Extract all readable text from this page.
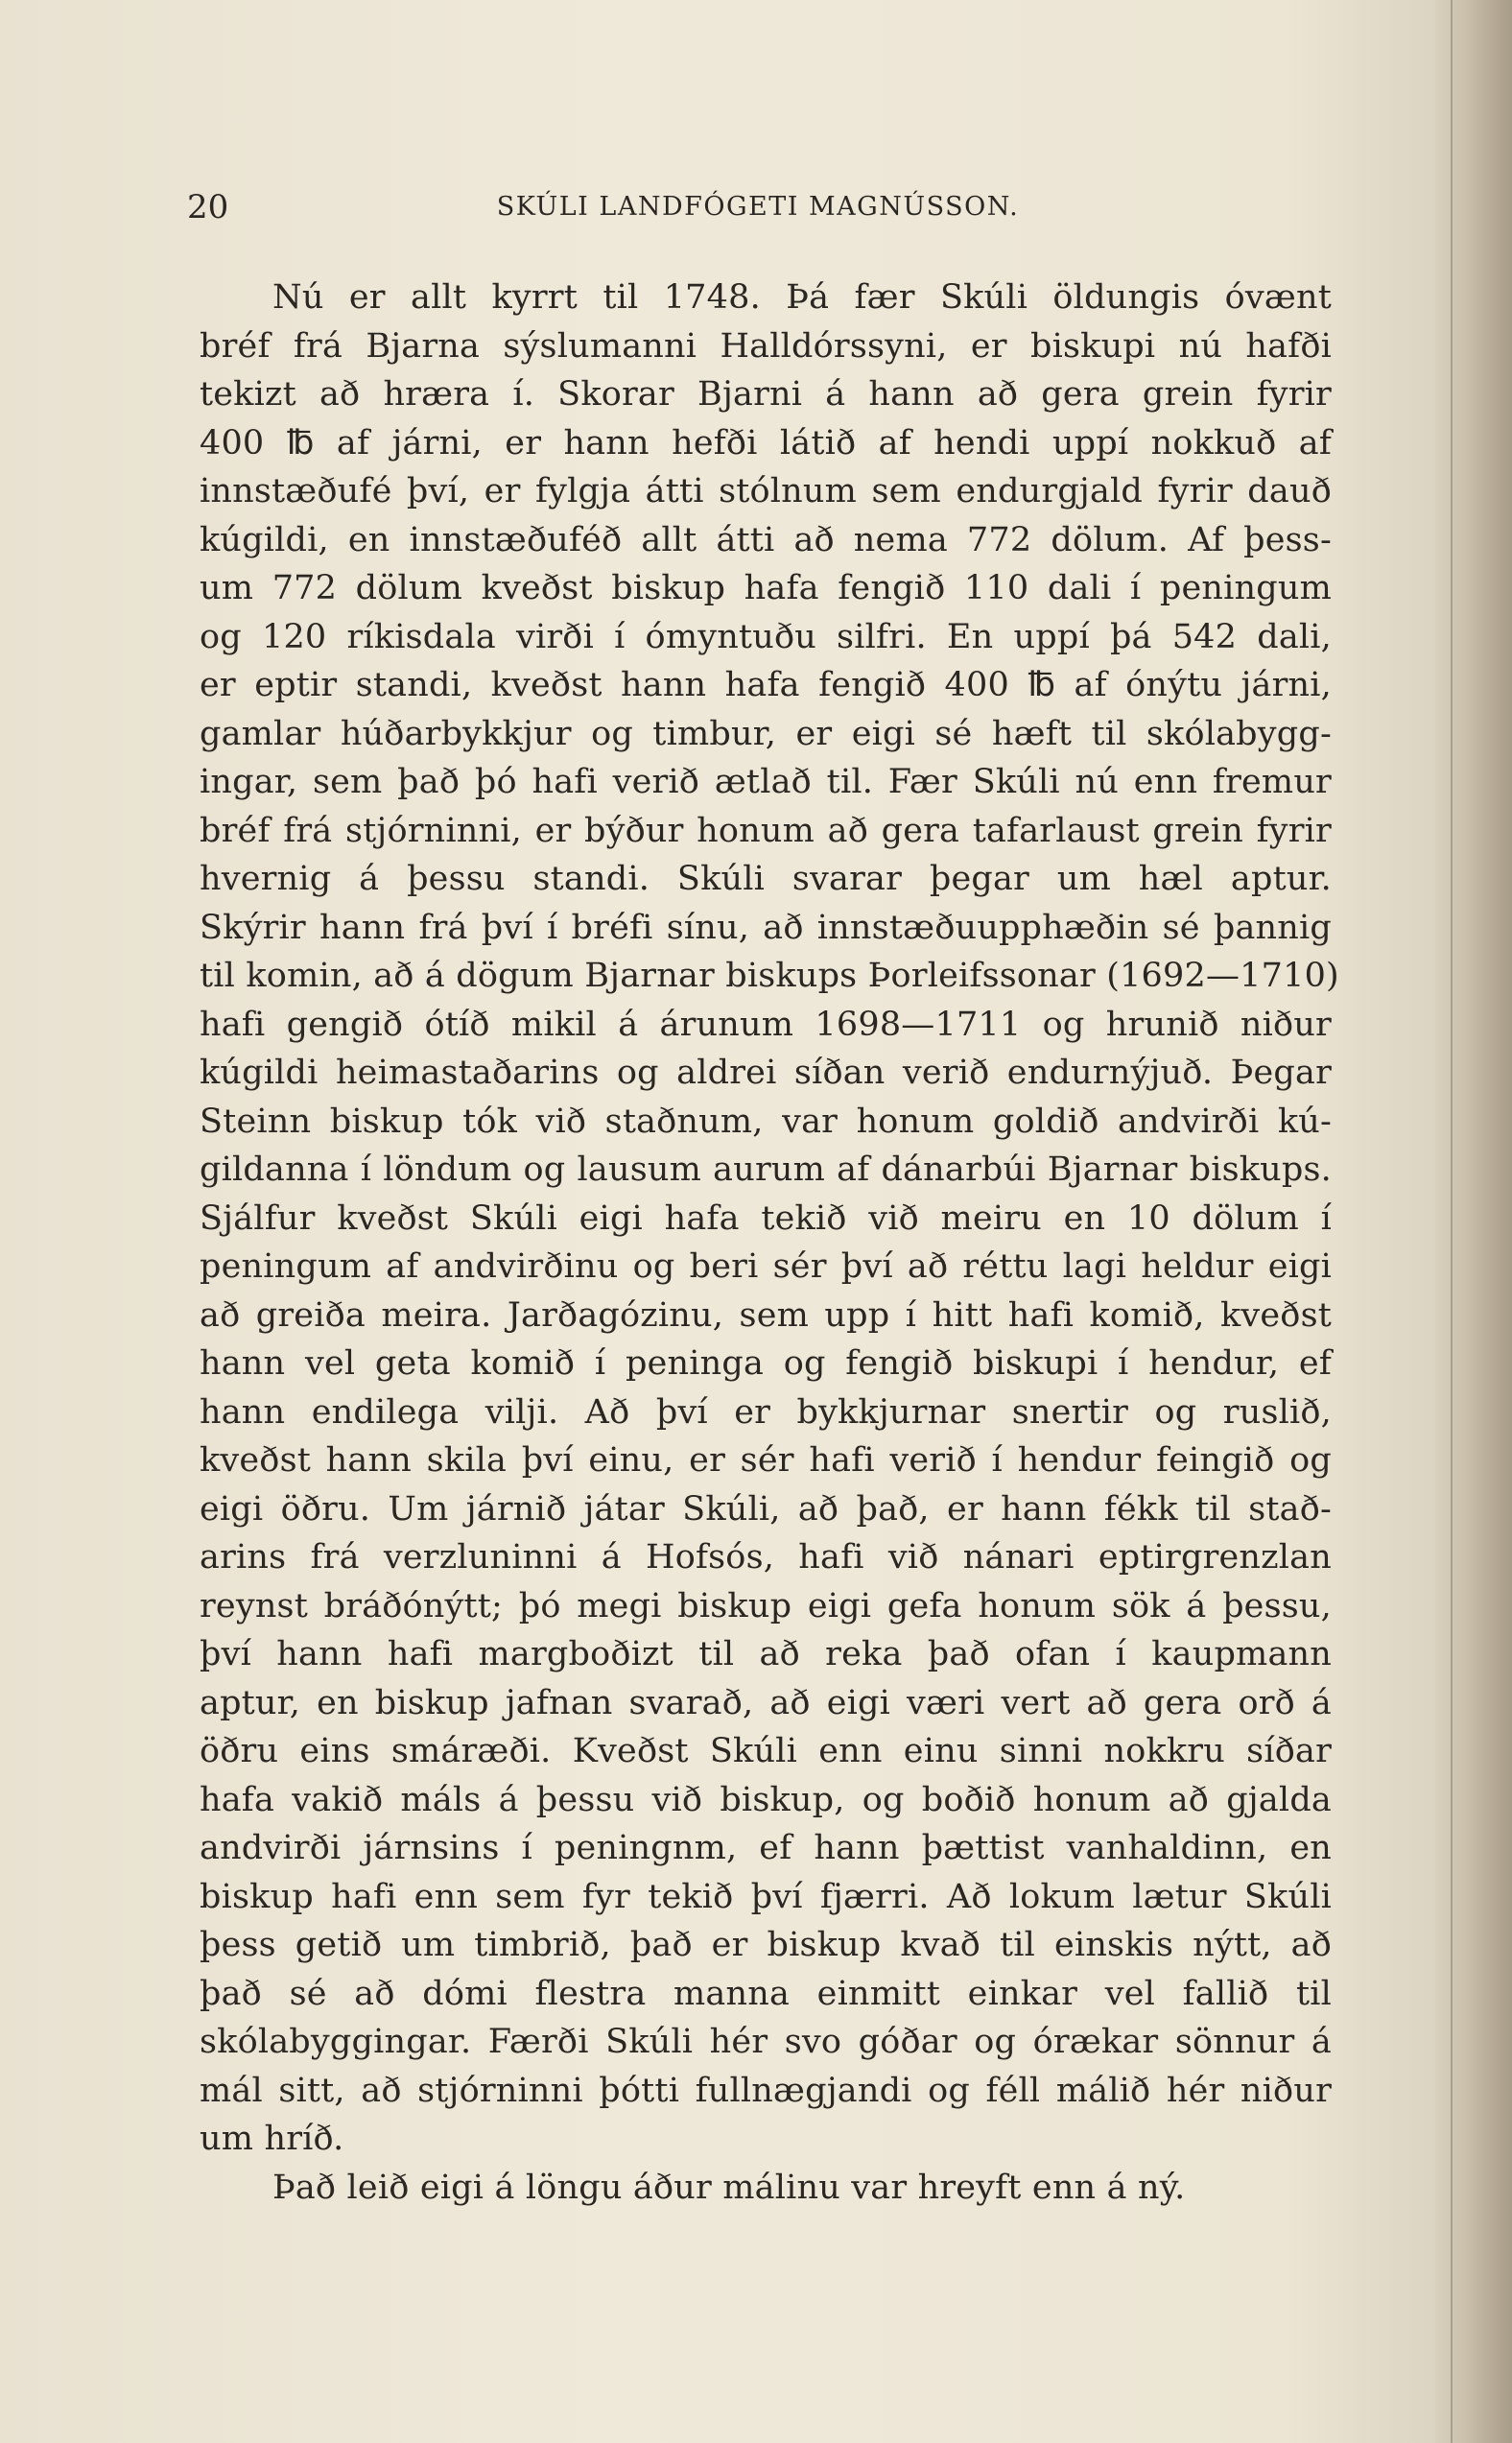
20	SKÚLI LANDFÓGETI MAGNÚSSON.
Nú er allt kyrrt til 1748. Þá fær Skúli öldungis óvænt
bréf frá Bjarna sýslumanni Halldórssyni, er biskupi nú hafði
tekizt að hræra í. Skorar Bjarni á hann að gera grein fyrir
400 ℔ af járni, er hann hefði látið af hendi uppí nokkuð af
innstæðufé því, er fylgja átti stólnum sem endurgjald fyrir dauð
kúgildi, en innstæðuféð allt átti að nema 772 dölum. Af þess-
um 772 dölum kveðst biskup hafa fengið 110 dali í peningum
og 120 ríkisdala virði í ómyntuðu silfri. En uppí þá 542 dali,
er eptir standi, kveðst hann hafa fengið 400 ℔ af ónýtu járni,
gamlar húðarbykkjur og timbur, er eigi sé hæft til skólabygg-
ingar, sem það þó hafi verið ætlað til. Fær Skúli nú enn fremur
bréf frá stjórninni, er býður honum að gera tafarlaust grein fyrir
hvernig á þessu standi. Skúli svarar þegar um hæl aptur.
Skýrir hann frá því í bréfi sínu, að innstæðuupphæðin sé þannig
til komin, að á dögum Bjarnar biskups Þorleifssonar (1692—1710)
hafi gengið ótíð mikil á árunum 1698—1711 og hrunið niður
kúgildi heimastaðarins og aldrei síðan verið endurnýjuð. Þegar
Steinn biskup tók við staðnum, var honum goldið andvirði kú-
gildanna í löndum og lausum aurum af dánarbúi Bjarnar biskups.
Sjálfur kveðst Skúli eigi hafa tekið við meiru en 10 dölum í
peningum af andvirðinu og beri sér því að réttu lagi heldur eigi
að greiða meira. Jarðagózinu, sem upp í hitt hafi komið, kveðst
hann vel geta komið í peninga og fengið biskupi í hendur, ef
hann endilega vilji. Að því er bykkjurnar snertir og ruslið,
kveðst hann skila því einu, er sér hafi verið í hendur feingið og
eigi öðru. Um járnið játar Skúli, að það, er hann fékk til stað-
arins frá verzluninni á Hofsós, hafi við nánari eptirgrenzlan
reynst bráðónýtt; þó megi biskup eigi gefa honum sök á þessu,
því hann hafi margboðizt til að reka það ofan í kaupmann
aptur, en biskup jafnan svarað, að eigi væri vert að gera orð á
öðru eins smáræði. Kveðst Skúli enn einu sinni nokkru síðar
hafa vakið máls á þessu við biskup, og boðið honum að gjalda
andvirði járnsins í peningnm, ef hann þættist vanhaldinn, en
biskup hafi enn sem fyr tekið því fjærri. Að lokum lætur Skúli
þess getið um timbrið, það er biskup kvað til einskis nýtt, að
það sé að dómi flestra manna einmitt einkar vel fallið til
skólabyggingar. Færði Skúli hér svo góðar og órækar sönnur á
mál sitt, að stjórninni þótti fullnægjandi og féll málið hér niður
um hríð.
Það leið eigi á löngu áður málinu var hreyft enn á ný.
